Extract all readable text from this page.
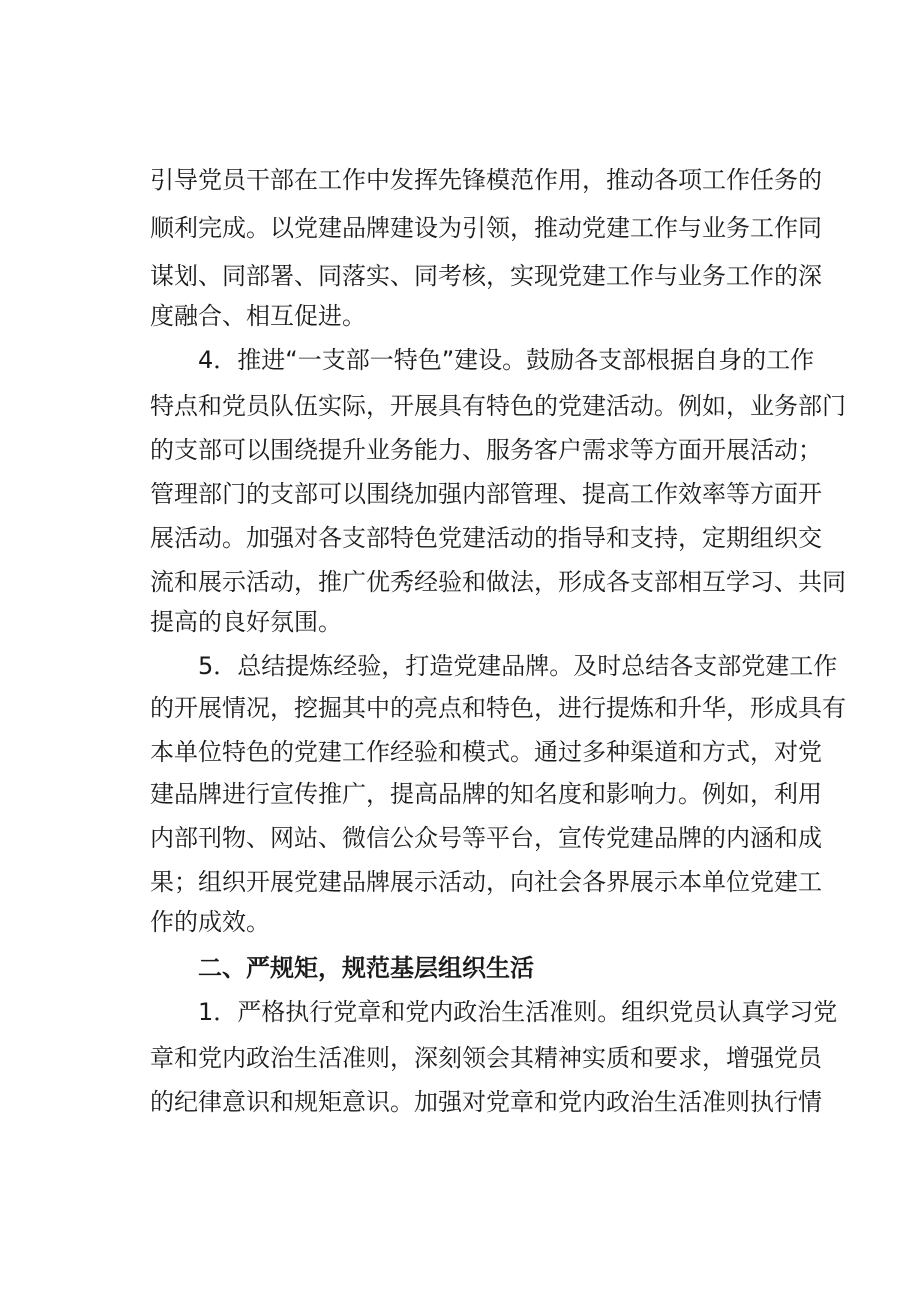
引导党员干部在工作中发挥先锋模范作用，推动各项工作任务的
顺利完成。以党建品牌建设为引领，推动党建工作与业务工作同
谋划、同部署、同落实、同考核，实现党建工作与业务工作的深
度融合、相互促进。
　　4．推进“一支部一特色”建设。鼓励各支部根据自身的工作
特点和党员队伍实际，开展具有特色的党建活动。例如，业务部门
的支部可以围绕提升业务能力、服务客户需求等方面开展活动；
管理部门的支部可以围绕加强内部管理、提高工作效率等方面开
展活动。加强对各支部特色党建活动的指导和支持，定期组织交
流和展示活动，推广优秀经验和做法，形成各支部相互学习、共同
提高的良好氛围。
　　5．总结提炼经验，打造党建品牌。及时总结各支部党建工作
的开展情况，挖掘其中的亮点和特色，进行提炼和升华，形成具有
本单位特色的党建工作经验和模式。通过多种渠道和方式，对党
建品牌进行宣传推广，提高品牌的知名度和影响力。例如，利用
内部刊物、网站、微信公众号等平台，宣传党建品牌的内涵和成
果；组织开展党建品牌展示活动，向社会各界展示本单位党建工
作的成效。
　　二、严规矩，规范基层组织生活
　　1．严格执行党章和党内政治生活准则。组织党员认真学习党
章和党内政治生活准则，深刻领会其精神实质和要求，增强党员
的纪律意识和规矩意识。加强对党章和党内政治生活准则执行情
